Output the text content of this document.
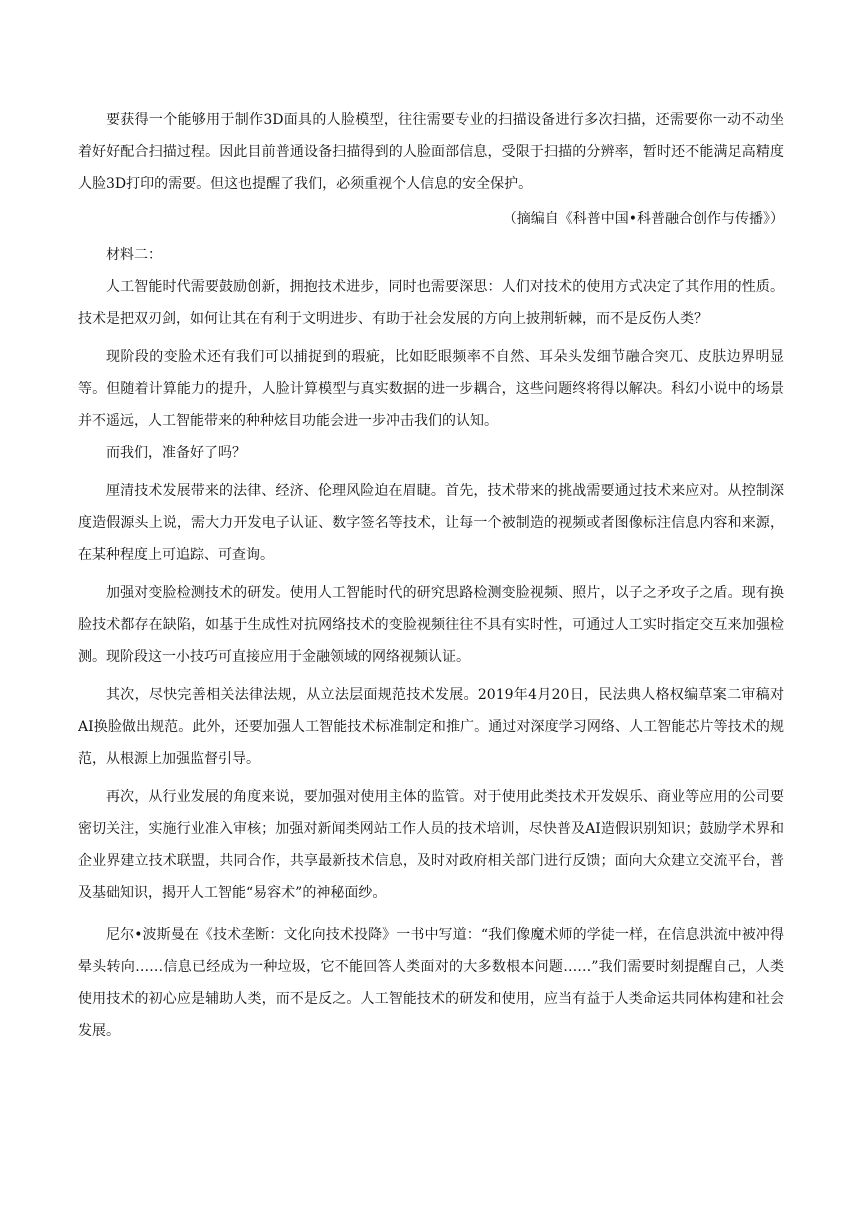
要获得一个能够用于制作3D面具的人脸模型，往往需要专业的扫描设备进行多次扫描，还需要你一动不动坐着好好配合扫描过程。因此目前普通设备扫描得到的人脸面部信息，受限于扫描的分辨率，暂时还不能满足高精度人脸3D打印的需要。但这也提醒了我们，必须重视个人信息的安全保护。

（摘编自《科普中国•科普融合创作与传播》）

材料二：

人工智能时代需要鼓励创新，拥抱技术进步，同时也需要深思：人们对技术的使用方式决定了其作用的性质。技术是把双刃剑，如何让其在有利于文明进步、有助于社会发展的方向上披荆斩棘，而不是反伤人类？

现阶段的变脸术还有我们可以捕捉到的瑕疵，比如眨眼频率不自然、耳朵头发细节融合突兀、皮肤边界明显等。但随着计算能力的提升，人脸计算模型与真实数据的进一步耦合，这些问题终将得以解决。科幻小说中的场景并不遥远，人工智能带来的种种炫目功能会进一步冲击我们的认知。

而我们，准备好了吗？

厘清技术发展带来的法律、经济、伦理风险迫在眉睫。首先，技术带来的挑战需要通过技术来应对。从控制深度造假源头上说，需大力开发电子认证、数字签名等技术，让每一个被制造的视频或者图像标注信息内容和来源，在某种程度上可追踪、可查询。

加强对变脸检测技术的研发。使用人工智能时代的研究思路检测变脸视频、照片，以子之矛攻子之盾。现有换脸技术都存在缺陷，如基于生成性对抗网络技术的变脸视频往往不具有实时性，可通过人工实时指定交互来加强检测。现阶段这一小技巧可直接应用于金融领域的网络视频认证。

其次，尽快完善相关法律法规，从立法层面规范技术发展。2019年4月20日，民法典人格权编草案二审稿对AI换脸做出规范。此外，还要加强人工智能技术标准制定和推广。通过对深度学习网络、人工智能芯片等技术的规范，从根源上加强监督引导。

再次，从行业发展的角度来说，要加强对使用主体的监管。对于使用此类技术开发娱乐、商业等应用的公司要密切关注，实施行业准入审核；加强对新闻类网站工作人员的技术培训，尽快普及AI造假识别知识；鼓励学术界和企业界建立技术联盟，共同合作，共享最新技术信息，及时对政府相关部门进行反馈；面向大众建立交流平台，普及基础知识，揭开人工智能“易容术”的神秘面纱。

尼尔•波斯曼在《技术垄断：文化向技术投降》一书中写道：“我们像魔术师的学徒一样，在信息洪流中被冲得晕头转向……信息已经成为一种垃圾，它不能回答人类面对的大多数根本问题……”我们需要时刻提醒自己，人类使用技术的初心应是辅助人类，而不是反之。人工智能技术的研发和使用，应当有益于人类命运共同体构建和社会发展。
